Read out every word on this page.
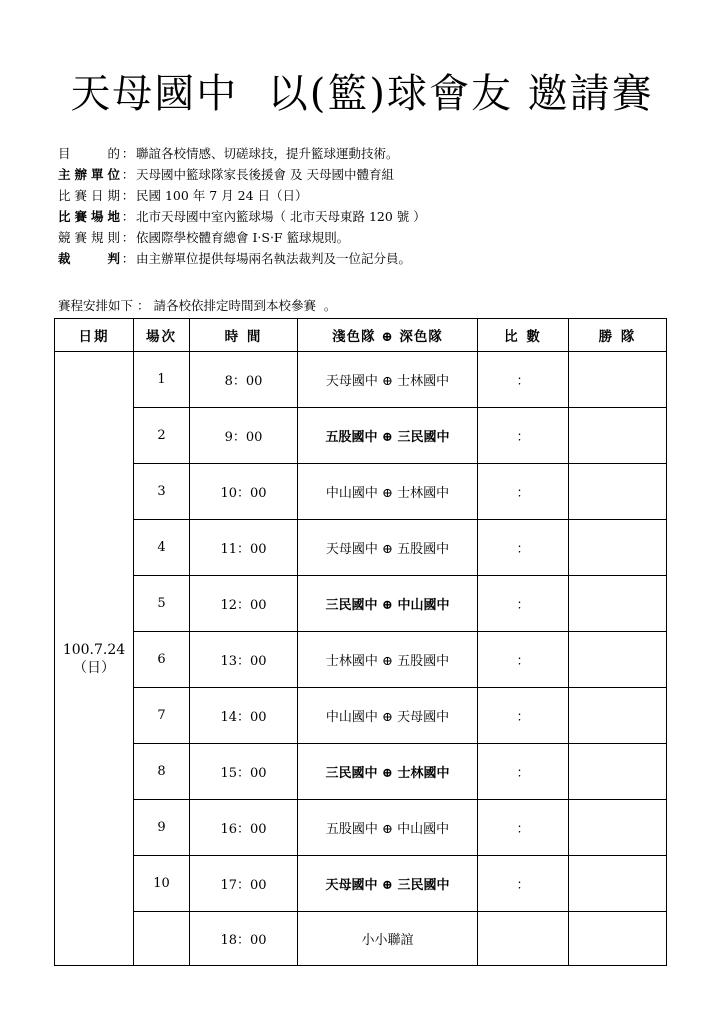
天母國中  以(籃)球會友 邀請賽
目的 ： 聯誼各校情感、切磋球技，提升籃球運動技術。
主辦單位 ： 天母國中籃球隊家長後援會 及 天母國中體育組
比賽日期 ： 民國 100 年 7 月 24 日（日）
比賽場地 ： 北市天母國中室內籃球場（ 北市天母東路 120 號 ）
競賽規則 ： 依國際學校體育總會 I‧S‧F 籃球規則。
裁判 ： 由主辦單位提供每場兩名執法裁判及一位記分員。
賽程安排如下 ： 請各校依排定時間到本校參賽  。
日期	場次	時 間	淺色隊 ⊕ 深色隊	比 數	勝 隊

100.7.24
（日）	1	8：00	天母國中 ⊕ 士林國中	：	
	2	9：00	五股國中 ⊕ 三民國中	：	
	3	10：00	中山國中 ⊕ 士林國中	：	
	4	11：00	天母國中 ⊕ 五股國中	：	
	5	12：00	三民國中 ⊕ 中山國中	：	
	6	13：00	士林國中 ⊕ 五股國中	：	
	7	14：00	中山國中 ⊕ 天母國中	：	
	8	15：00	三民國中 ⊕ 士林國中	：	
	9	16：00	五股國中 ⊕ 中山國中	：	
	10	17：00	天母國中 ⊕ 三民國中	：	
		18：00	小小聯誼		
